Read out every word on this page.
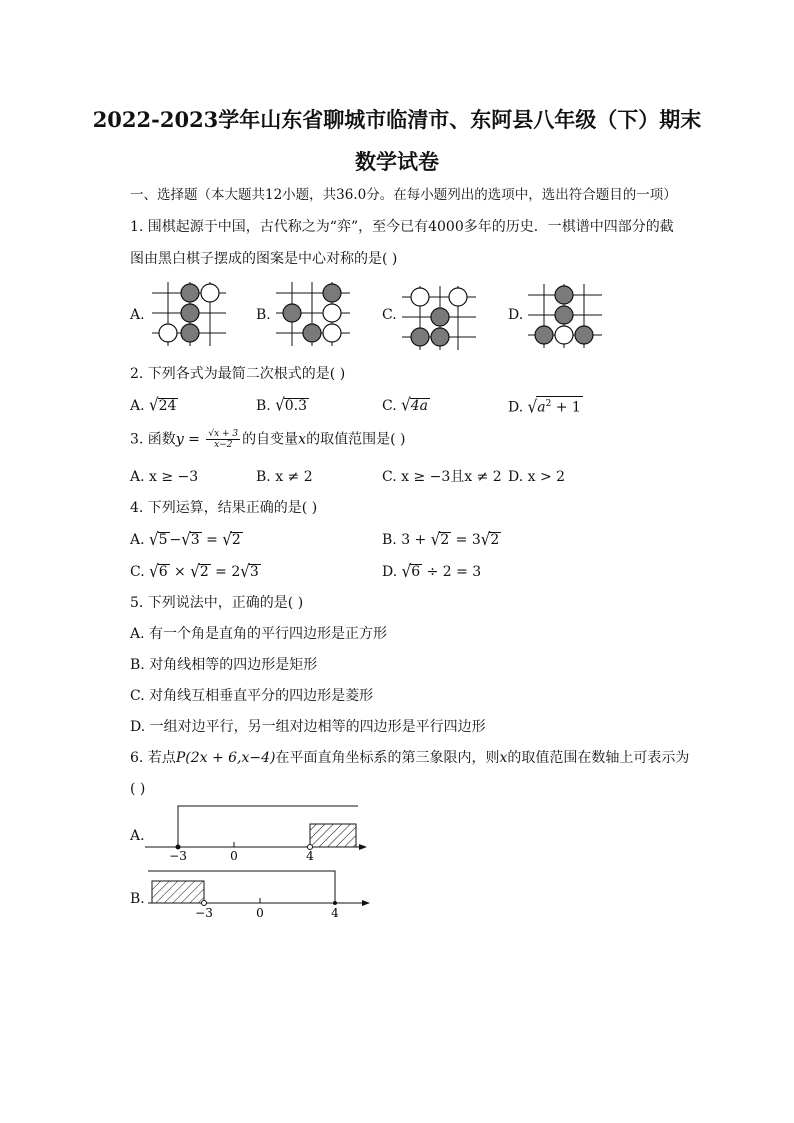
2022-2023学年山东省聊城市临清市、东阿县八年级（下）期末
数学试卷
一、选择题（本大题共12小题，共36.0分。在每小题列出的选项中，选出符合题目的一项）
1. 围棋起源于中国，古代称之为“弈”，至今已有4000多年的历史．一棋谱中四部分的截
图由黑白棋子摆成的图案是中心对称的是( )
A.	B.	C.	D.
2. 下列各式为最简二次根式的是( )
A. √24	B. √0.3	C. √4a	D. $√a^2 + 1$
3. 函数$y = \frac{√x + 3}{x-2}$ 的自变量x的取值范围是( )
A. x ≥ −3	B. x ≠ 2	C. x ≥ −3且x ≠ 2 D. x > 2
4. 下列运算，结果正确的是( )
A. √5 −√3 = √2	B. 3 + √2 = 3√2
C. √6 × √2 = 2√3	D. √6 ÷ 2 = 3
5. 下列说法中，正确的是( )
A. 有一个角是直角的平行四边形是正方形
B. 对角线相等的四边形是矩形
C. 对角线互相垂直平分的四边形是菱形
D. 一组对边平行，另一组对边相等的四边形是平行四边形
6. 若点P(2x + 6,x−4)在平面直角坐标系的第三象限内，则x的取值范围在数轴上可表示为
( )
A.
−3	0	4
B.
−3	0	4
